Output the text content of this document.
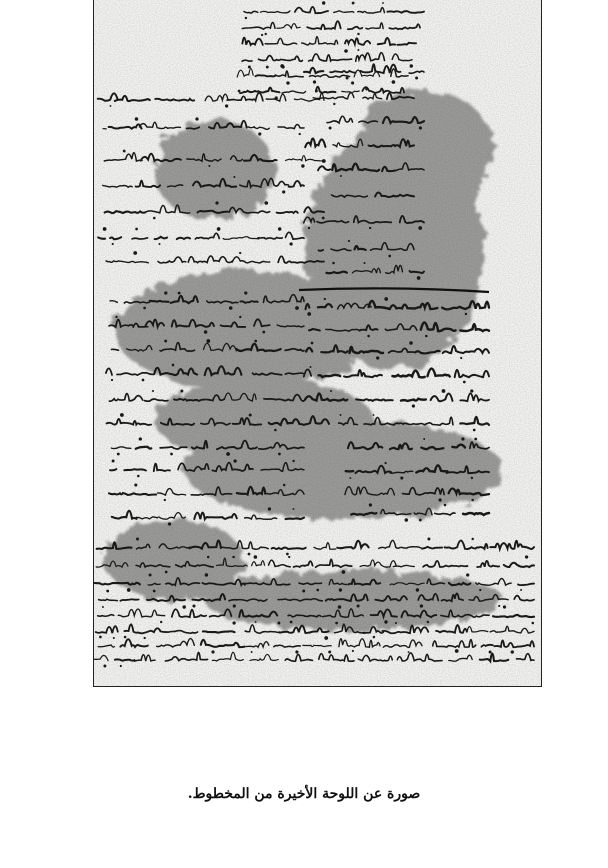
صورة عن اللوحة الأخيرة من المخطوط.
